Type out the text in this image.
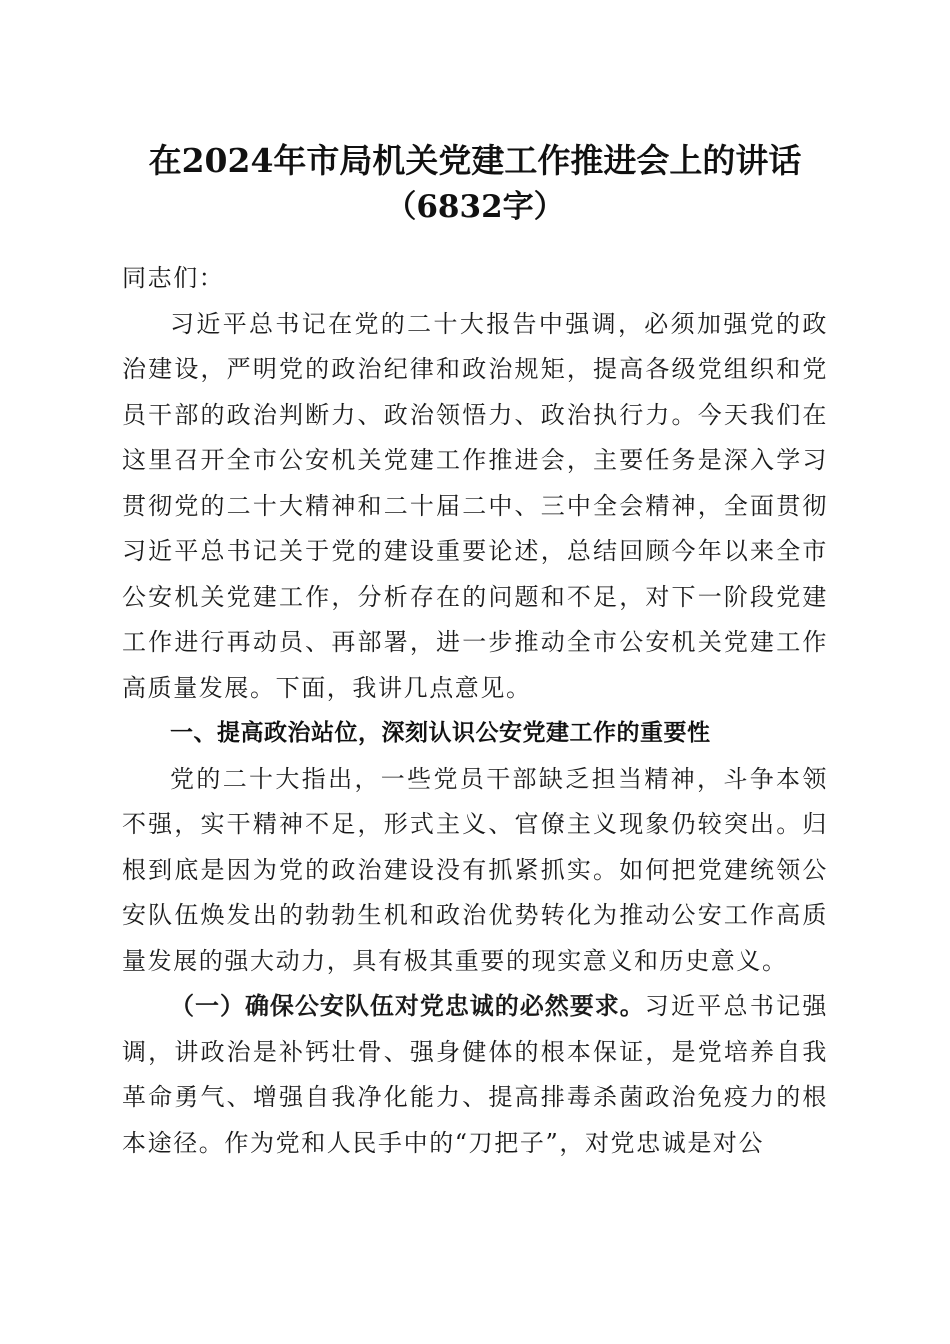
在2024年市局机关党建工作推进会上的讲话
（6832字）

同志们：

习近平总书记在党的二十大报告中强调，必须加强党的政治建设，严明党的政治纪律和政治规矩，提高各级党组织和党员干部的政治判断力、政治领悟力、政治执行力。今天我们在这里召开全市公安机关党建工作推进会，主要任务是深入学习贯彻党的二十大精神和二十届二中、三中全会精神，全面贯彻习近平总书记关于党的建设重要论述，总结回顾今年以来全市公安机关党建工作，分析存在的问题和不足，对下一阶段党建工作进行再动员、再部署，进一步推动全市公安机关党建工作高质量发展。下面，我讲几点意见。

一、提高政治站位，深刻认识公安党建工作的重要性

党的二十大指出，一些党员干部缺乏担当精神，斗争本领不强，实干精神不足，形式主义、官僚主义现象仍较突出。归根到底是因为党的政治建设没有抓紧抓实。如何把党建统领公安队伍焕发出的勃勃生机和政治优势转化为推动公安工作高质量发展的强大动力，具有极其重要的现实意义和历史意义。

（一）确保公安队伍对党忠诚的必然要求。习近平总书记强调，讲政治是补钙壮骨、强身健体的根本保证，是党培养自我革命勇气、增强自我净化能力、提高排毒杀菌政治免疫力的根本途径。作为党和人民手中的“刀把子”，对党忠诚是对公
